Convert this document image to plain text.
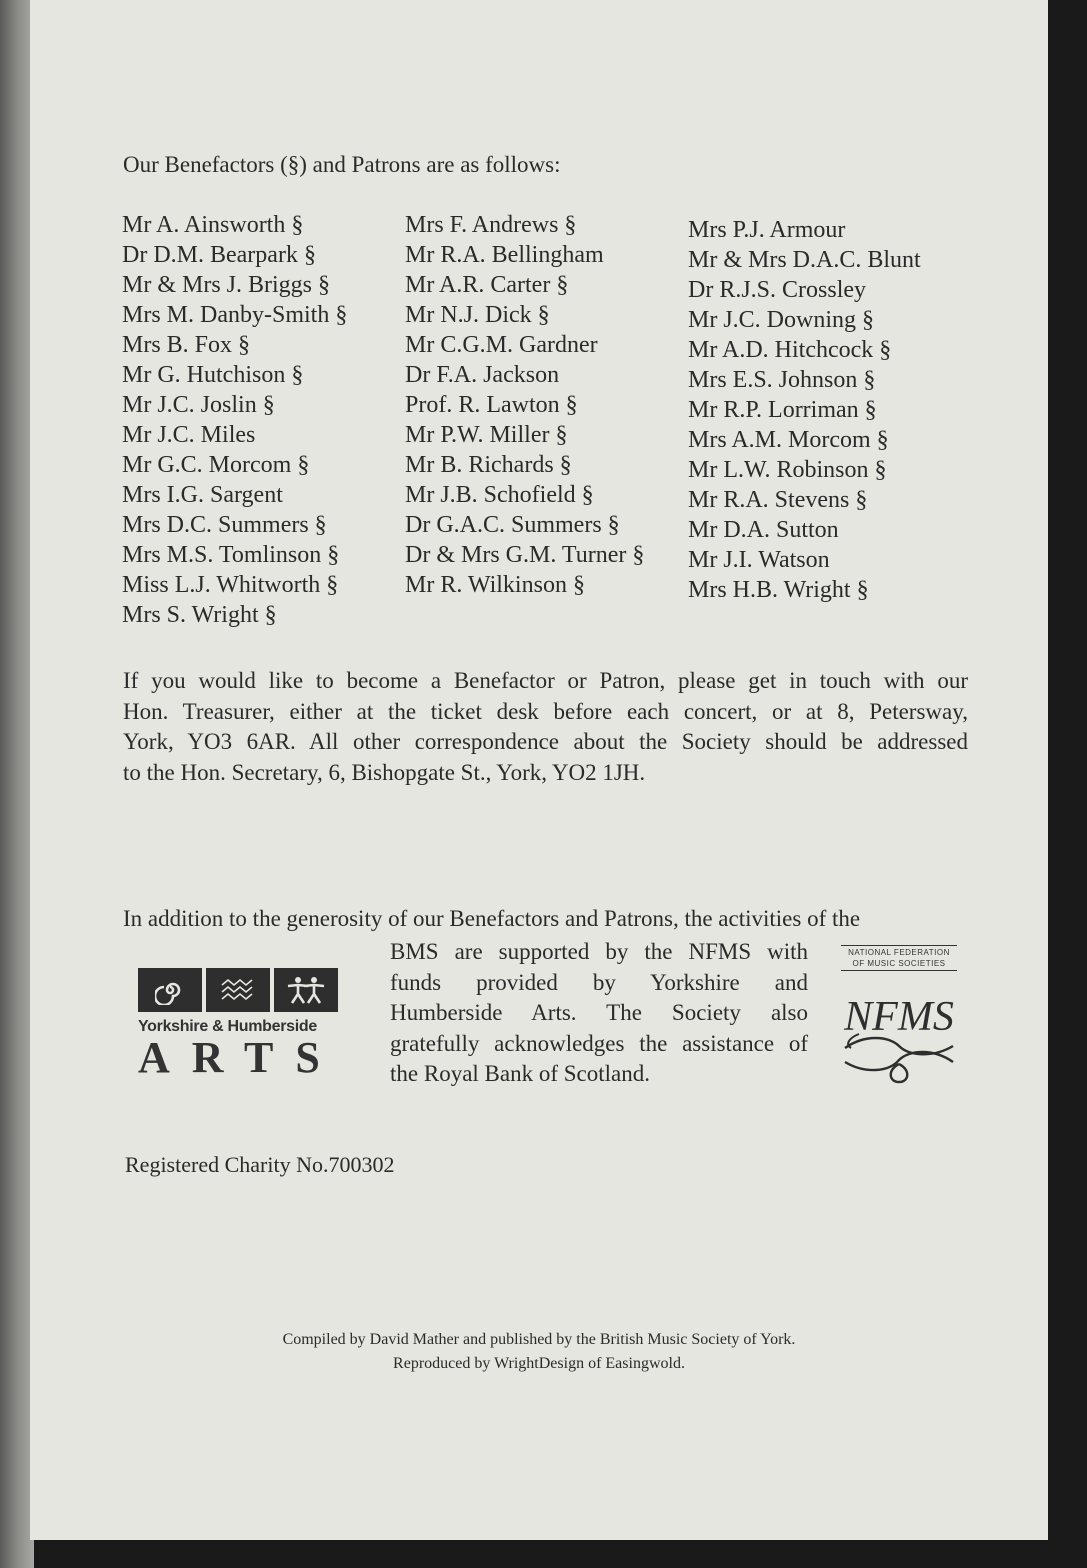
Our Benefactors (§) and Patrons are as follows:
Mr A. Ainsworth §
Dr D.M. Bearpark §
Mr & Mrs J. Briggs §
Mrs M. Danby-Smith §
Mrs B. Fox §
Mr G. Hutchison §
Mr J.C. Joslin §
Mr J.C. Miles
Mr G.C. Morcom §
Mrs I.G. Sargent
Mrs D.C. Summers §
Mrs M.S. Tomlinson §
Miss L.J. Whitworth §
Mrs S. Wright §
Mrs F. Andrews §
Mr R.A. Bellingham
Mr A.R. Carter §
Mr N.J. Dick §
Mr C.G.M. Gardner
Dr F.A. Jackson
Prof. R. Lawton §
Mr P.W. Miller §
Mr B. Richards §
Mr J.B. Schofield §
Dr G.A.C. Summers §
Dr & Mrs G.M. Turner §
Mr R. Wilkinson §
Mrs P.J. Armour
Mr & Mrs D.A.C. Blunt
Dr R.J.S. Crossley
Mr J.C. Downing §
Mr A.D. Hitchcock §
Mrs E.S. Johnson §
Mr R.P. Lorriman §
Mrs A.M. Morcom §
Mr L.W. Robinson §
Mr R.A. Stevens §
Mr D.A. Sutton
Mr J.I. Watson
Mrs H.B. Wright §
If you would like to become a Benefactor or Patron, please get in touch with our
Hon. Treasurer, either at the ticket desk before each concert, or at 8, Petersway,
York, YO3 6AR. All other correspondence about the Society should be addressed
to the Hon. Secretary, 6, Bishopgate St., York, YO2 1JH.
In addition to the generosity of our Benefactors and Patrons, the activities of the
Yorkshire & Humberside
ARTS
BMS are supported by the NFMS with
funds provided by Yorkshire and
Humberside Arts. The Society also
gratefully acknowledges the assistance of
the Royal Bank of Scotland.
NATIONAL FEDERATION
OF MUSIC SOCIETIES
NFMS
Registered Charity No.700302
Compiled by David Mather and published by the British Music Society of York.
Reproduced by WrightDesign of Easingwold.
